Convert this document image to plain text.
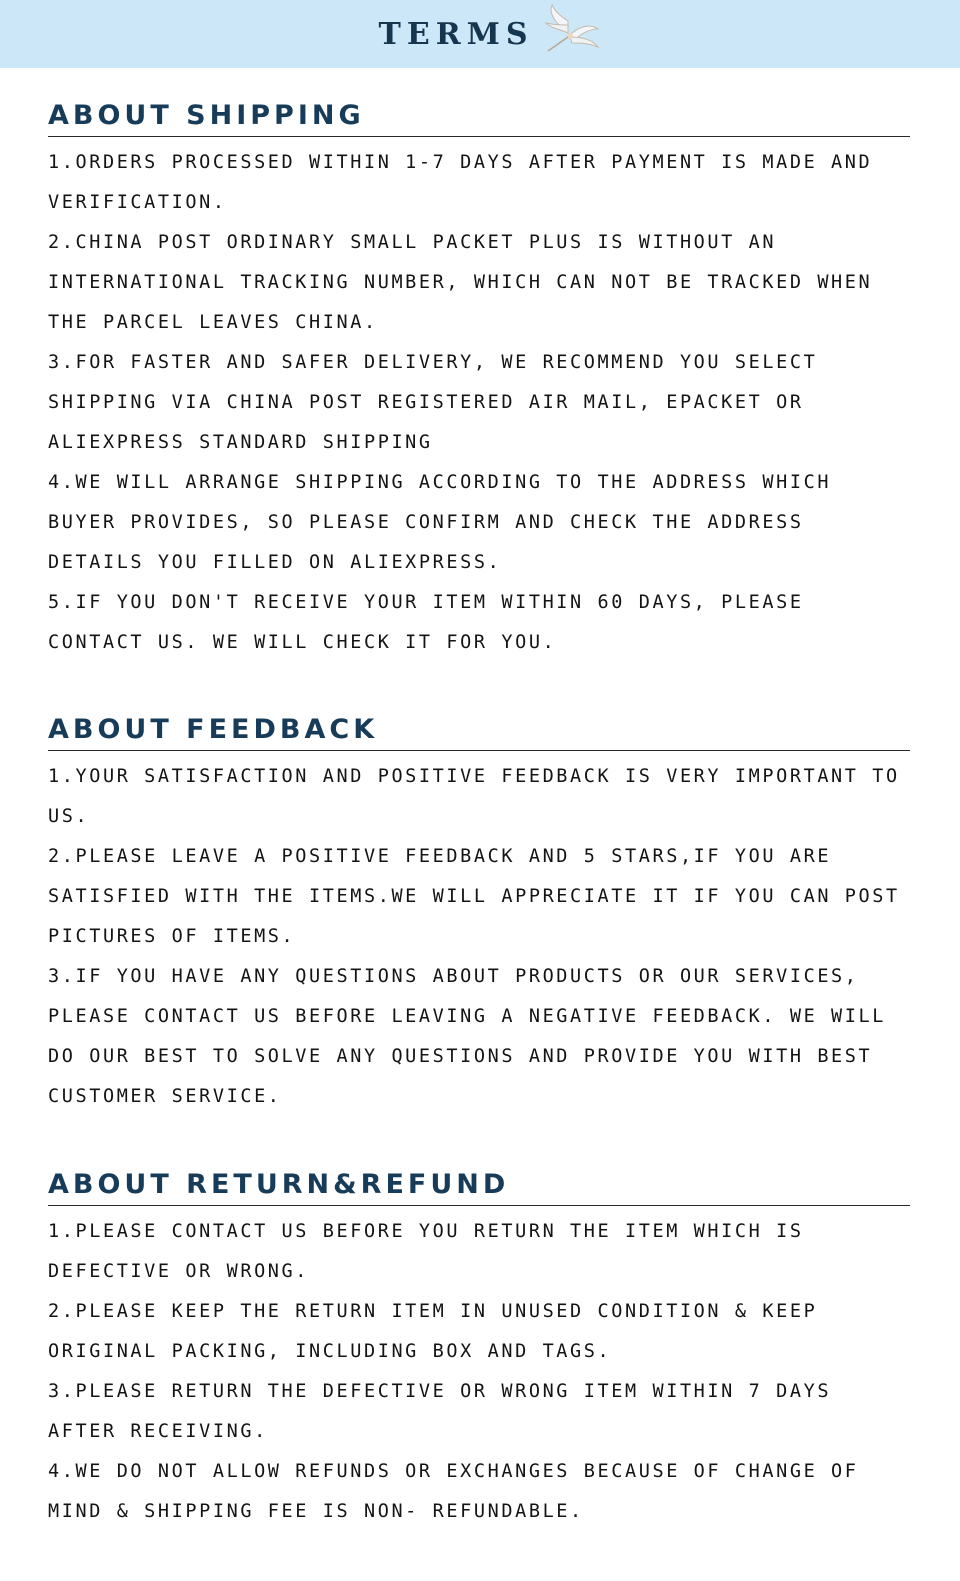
TERMS
ABOUT SHIPPING

1.ORDERS PROCESSED WITHIN 1-7 DAYS AFTER PAYMENT IS MADE AND VERIFICATION.

2.CHINA POST ORDINARY SMALL PACKET PLUS IS WITHOUT AN INTERNATIONAL TRACKING NUMBER, WHICH CAN NOT BE TRACKED WHEN THE PARCEL LEAVES CHINA.

3.FOR FASTER AND SAFER DELIVERY, WE RECOMMEND YOU SELECT SHIPPING VIA CHINA POST REGISTERED AIR MAIL, EPACKET OR ALIEXPRESS STANDARD SHIPPING

4.WE WILL ARRANGE SHIPPING ACCORDING TO THE ADDRESS WHICH BUYER PROVIDES, SO PLEASE CONFIRM AND CHECK THE ADDRESS DETAILS YOU FILLED ON ALIEXPRESS.

5.IF YOU DON'T RECEIVE YOUR ITEM WITHIN 60 DAYS, PLEASE CONTACT US. WE WILL CHECK IT FOR YOU.

ABOUT FEEDBACK

1.YOUR SATISFACTION AND POSITIVE FEEDBACK IS VERY IMPORTANT TO US.

2.PLEASE LEAVE A POSITIVE FEEDBACK AND 5 STARS,IF YOU ARE SATISFIED WITH THE ITEMS.WE WILL APPRECIATE IT IF YOU CAN POST PICTURES OF ITEMS.

3.IF YOU HAVE ANY QUESTIONS ABOUT PRODUCTS OR OUR SERVICES, PLEASE CONTACT US BEFORE LEAVING A NEGATIVE FEEDBACK. WE WILL DO OUR BEST TO SOLVE ANY QUESTIONS AND PROVIDE YOU WITH BEST CUSTOMER SERVICE.

ABOUT RETURN&REFUND

1.PLEASE CONTACT US BEFORE YOU RETURN THE ITEM WHICH IS DEFECTIVE OR WRONG.

2.PLEASE KEEP THE RETURN ITEM IN UNUSED CONDITION & KEEP ORIGINAL PACKING, INCLUDING BOX AND TAGS.

3.PLEASE RETURN THE DEFECTIVE OR WRONG ITEM WITHIN 7 DAYS AFTER RECEIVING.

4.WE DO NOT ALLOW REFUNDS OR EXCHANGES BECAUSE OF CHANGE OF MIND & SHIPPING FEE IS NON- REFUNDABLE.
